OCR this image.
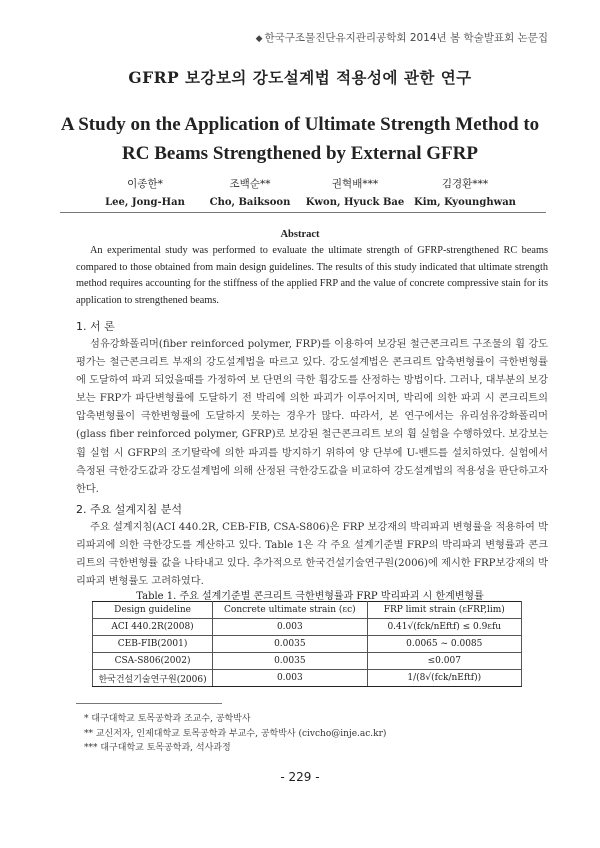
◆ 한국구조물진단유지관리공학회 2014년 봄 학술발표회 논문집
GFRP 보강보의 강도설계법 적용성에 관한 연구
A Study on the Application of Ultimate Strength Method to
RC Beams Strengthened by External GFRP
이종한*
Lee, Jong-Han
조백순**
Cho, Baiksoon
권혁배***
Kwon, Hyuck Bae
김경환***
Kim, Kyounghwan
Abstract
An experimental study was performed to evaluate the ultimate strength of GFRP-strengthened RC beams compared to those obtained from main design guidelines. The results of this study indicated that ultimate strength method requires accounting for the stiffness of the applied FRP and the value of concrete compressive stain for its application to strengthened beams.
1. 서 론
섬유강화폴리머(fiber reinforced polymer, FRP)를 이용하여 보강된 철근콘크리트 구조물의 휨 강도 평가는 철근콘크리트 부재의 강도설계법을 따르고 있다. 강도설계법은 콘크리트 압축변형률이 극한변형률에 도달하여 파괴 되었을때를 가정하여 보 단면의 극한 휨강도를 산정하는 방법이다. 그러나, 대부분의 보강보는 FRP가 파단변형률에 도달하기 전 박리에 의한 파괴가 이루어지며, 박리에 의한 파괴 시 콘크리트의 압축변형률이 극한변형률에 도달하지 못하는 경우가 많다. 따라서, 본 연구에서는 유리섬유강화폴리머(glass fiber reinforced polymer, GFRP)로 보강된 철근콘크리트 보의 휨 실험을 수행하였다. 보강보는 휨 실험 시 GFRP의 조기탈락에 의한 파괴를 방지하기 위하여 양 단부에 U-밴드를 설치하였다. 실험에서 측정된 극한강도값과 강도설계법에 의해 산정된 극한강도값을 비교하여 강도설계법의 적용성을 판단하고자 한다.
2. 주요 설계지침 분석
주요 설계지침(ACI 440.2R, CEB-FIB, CSA-S806)은 FRP 보강재의 박리파괴 변형률을 적용하여 박리파괴에 의한 극한강도를 계산하고 있다. Table 1은 각 주요 설계기준별 FRP의 박리파괴 변형률과 콘크리트의 극한변형률 값을 나타내고 있다. 추가적으로 한국건설기술연구원(2006)에 제시한 FRP보강재의 박리파괴 변형률도 고려하였다.
Table 1. 주요 설계기준별 콘크리트 극한변형률과 FRP 박리파괴 시 한계변형률
Design guideline	Concrete ultimate strain (εc)	FRP limit strain (εFRP,lim)
ACI 440.2R(2008)	0.003	0.41√(fck/nEftf) ≤ 0.9εfu
CEB-FIB(2001)	0.0035	0.0065 ~ 0.0085
CSA-S806(2002)	0.0035	≤0.007
한국건설기술연구원(2006)	0.003	1/(8√(fck/nEftf))
* 대구대학교 토목공학과 조교수, 공학박사
** 교신저자, 인제대학교 토목공학과 부교수, 공학박사 (civcho@inje.ac.kr)
*** 대구대학교 토목공학과, 석사과정
- 229 -
